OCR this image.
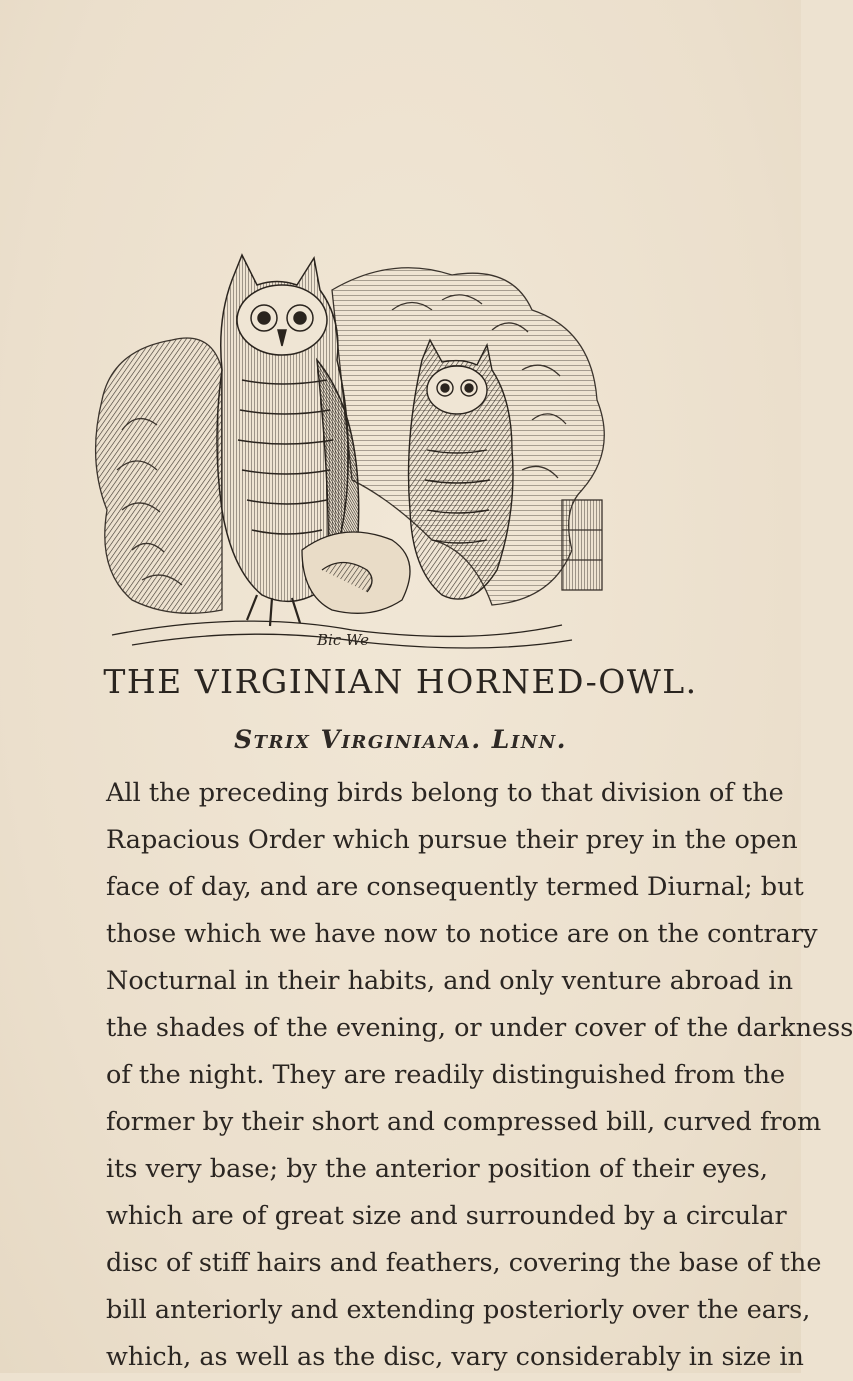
Bic We
THE VIRGINIAN HORNED-OWL.
Strix Virginiana. Linn.
All the preceding birds belong to that division of the
Rapacious Order which pursue their prey in the open
face of day, and are consequently termed Diurnal; but
those which we have now to notice are on the contrary
Nocturnal in their habits, and only venture abroad in
the shades of the evening, or under cover of the darkness
of the night. They are readily distinguished from the
former by their short and compressed bill, curved from
its very base; by the anterior position of their eyes,
which are of great size and surrounded by a circular
disc of stiff hairs and feathers, covering the base of the
bill anteriorly and extending posteriorly over the ears,
which, as well as the disc, vary considerably in size in
